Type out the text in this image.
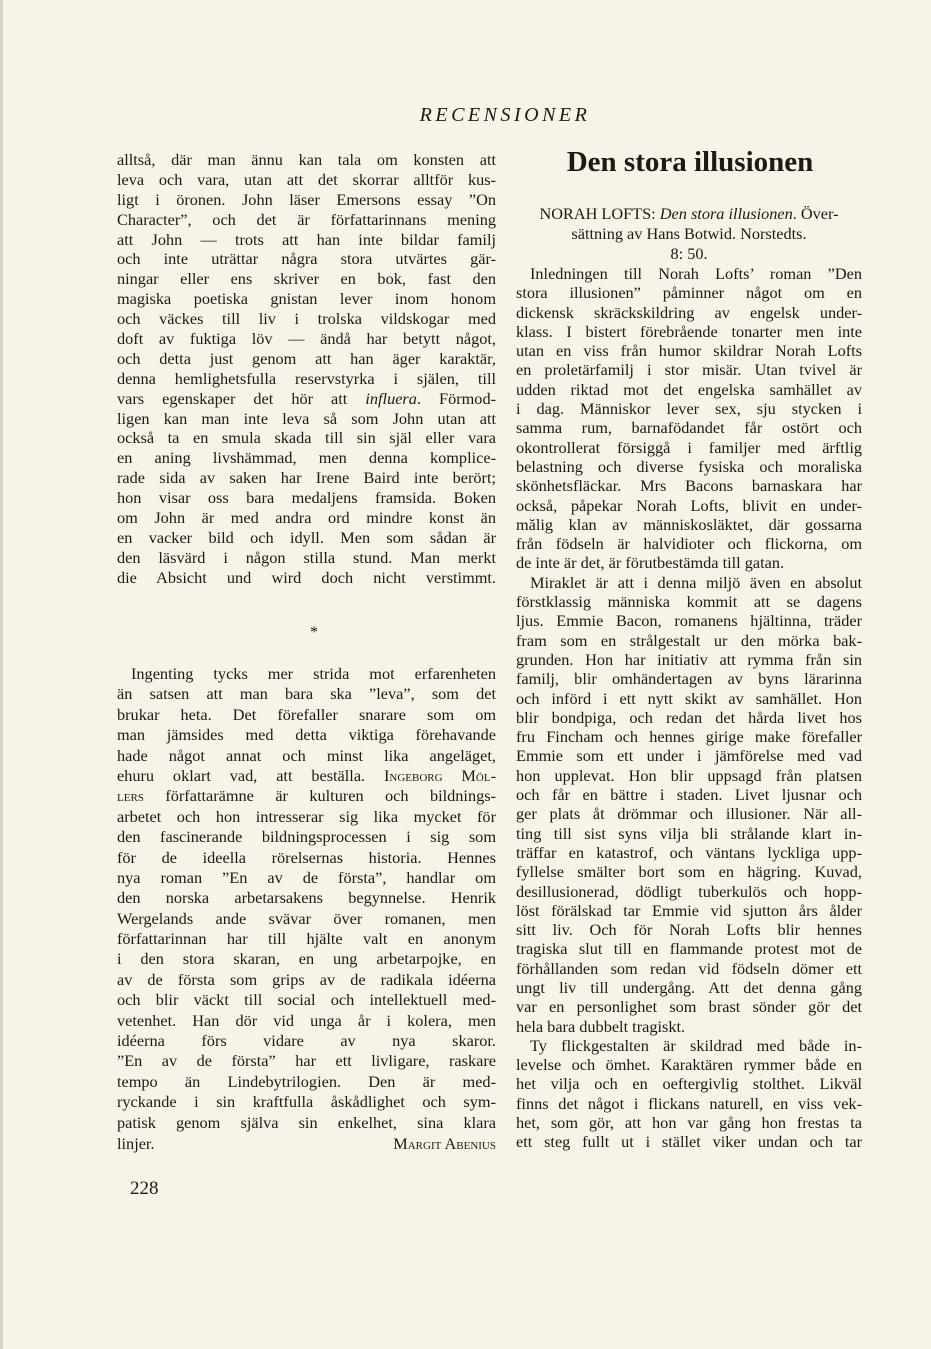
RECENSIONER
alltså, där man ännu kan tala om konsten att
leva och vara, utan att det skorrar alltför kus-
ligt i öronen. John läser Emersons essay ”On
Character”, och det är författarinnans mening
att John — trots att han inte bildar familj
och inte uträttar några stora utvärtes gär-
ningar eller ens skriver en bok, fast den
magiska poetiska gnistan lever inom honom
och väckes till liv i trolska vildskogar med
doft av fuktiga löv — ändå har betytt något,
och detta just genom att han äger karaktär,
denna hemlighetsfulla reservstyrka i själen, till
vars egenskaper det hör att influera. Förmod-
ligen kan man inte leva så som John utan att
också ta en smula skada till sin själ eller vara
en aning livshämmad, men denna komplice-
rade sida av saken har Irene Baird inte berört;
hon visar oss bara medaljens framsida. Boken
om John är med andra ord mindre konst än
en vacker bild och idyll. Men som sådan är
den läsvärd i någon stilla stund. Man merkt
die Absicht und wird doch nicht verstimmt.
*
Ingenting tycks mer strida mot erfarenheten
än satsen att man bara ska ”leva”, som det
brukar heta. Det förefaller snarare som om
man jämsides med detta viktiga förehavande
hade något annat och minst lika angeläget,
ehuru oklart vad, att beställa. Ingeborg Möl-
lers författarämne är kulturen och bildnings-
arbetet och hon intresserar sig lika mycket för
den fascinerande bildningsprocessen i sig som
för de ideella rörelsernas historia. Hennes
nya roman ”En av de första”, handlar om
den norska arbetarsakens begynnelse. Henrik
Wergelands ande svävar över romanen, men
författarinnan har till hjälte valt en anonym
i den stora skaran, en ung arbetarpojke, en
av de första som grips av de radikala idéerna
och blir väckt till social och intellektuell med-
vetenhet. Han dör vid unga år i kolera, men
idéerna förs vidare av nya skaror.
”En av de första” har ett livligare, raskare
tempo än Lindebytrilogien. Den är med-
ryckande i sin kraftfulla åskådlighet och sym-
patisk genom själva sin enkelhet, sina klara
linjer.	Margit Abenius
Den stora illusionen
NORAH LOFTS: Den stora illusionen. Över-
sättning av Hans Botwid. Norstedts.
8: 50.
Inledningen till Norah Lofts’ roman ”Den
stora illusionen” påminner något om en
dickensk skräckskildring av engelsk under-
klass. I bistert förebrående tonarter men inte
utan en viss från humor skildrar Norah Lofts
en proletärfamilj i stor misär. Utan tvivel är
udden riktad mot det engelska samhället av
i dag. Människor lever sex, sju stycken i
samma rum, barnafödandet får ostört och
okontrollerat försiggå i familjer med ärftlig
belastning och diverse fysiska och moraliska
skönhetsfläckar. Mrs Bacons barnaskara har
också, påpekar Norah Lofts, blivit en under-
mălig klan av människosläktet, där gossarna
från födseln är halvidioter och flickorna, om
de inte är det, är förutbestämda till gatan.
Miraklet är att i denna miljö även en absolut
förstklassig människa kommit att se dagens
ljus. Emmie Bacon, romanens hjältinna, träder
fram som en strålgestalt ur den mörka bak-
grunden. Hon har initiativ att rymma från sin
familj, blir omhändertagen av byns lärarinna
och införd i ett nytt skikt av samhället. Hon
blir bondpiga, och redan det hårda livet hos
fru Fincham och hennes girige make förefaller
Emmie som ett under i jämförelse med vad
hon upplevat. Hon blir uppsagd från platsen
och får en bättre i staden. Livet ljusnar och
ger plats åt drömmar och illusioner. När all-
ting till sist syns vilja bli strålande klart in-
träffar en katastrof, och väntans lyckliga upp-
fyllelse smälter bort som en hägring. Kuvad,
desillusionerad, dödligt tuberkulös och hopp-
löst förälskad tar Emmie vid sjutton års ålder
sitt liv. Och för Norah Lofts blir hennes
tragiska slut till en flammande protest mot de
förhållanden som redan vid födseln dömer ett
ungt liv till undergång. Att det denna gång
var en personlighet som brast sönder gör det
hela bara dubbelt tragiskt.
Ty flickgestalten är skildrad med både in-
levelse och ömhet. Karaktären rymmer både en
het vilja och en oeftergivlig stolthet. Likväl
finns det något i flickans naturell, en viss vek-
het, som gör, att hon var gång hon frestas ta
ett steg fullt ut i stället viker undan och tar
228
